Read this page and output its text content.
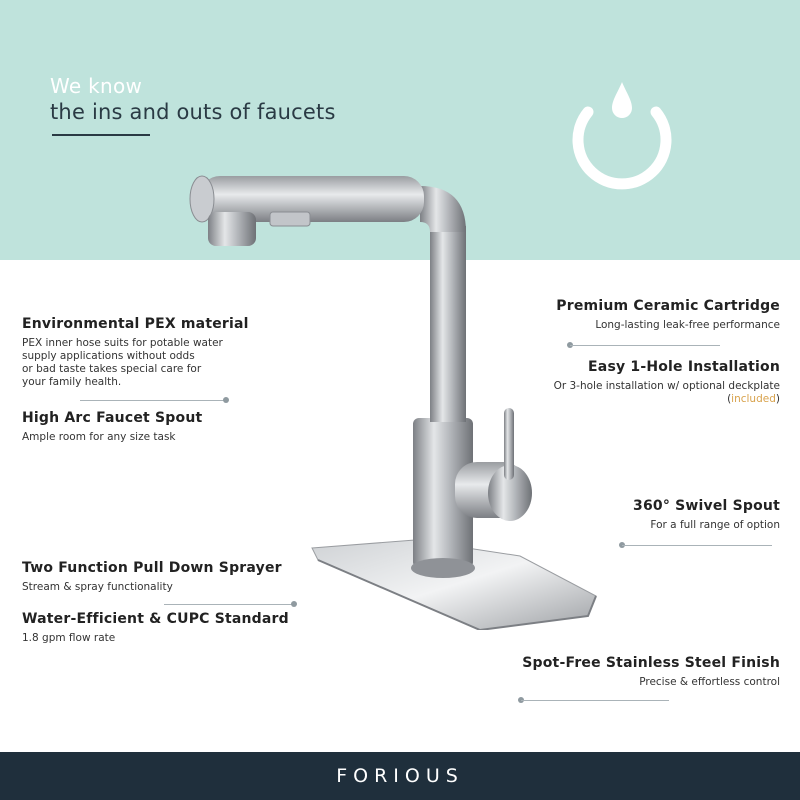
We know
the ins and outs of faucets
Environmental PEX material
PEX inner hose suits for potable water
supply applications without odds
or bad taste takes special care for
your family health.
High Arc Faucet Spout
Ample room for any size task
Two Function Pull Down Sprayer
Stream & spray functionality
Water-Efficient & CUPC Standard
1.8 gpm flow rate
Premium Ceramic Cartridge
Long-lasting leak-free performance
Easy 1-Hole Installation
Or 3-hole installation w/ optional deckplate
(included)
360° Swivel Spout
For a full range of option
Spot-Free Stainless Steel Finish
Precise & effortless control
FORIOUS
